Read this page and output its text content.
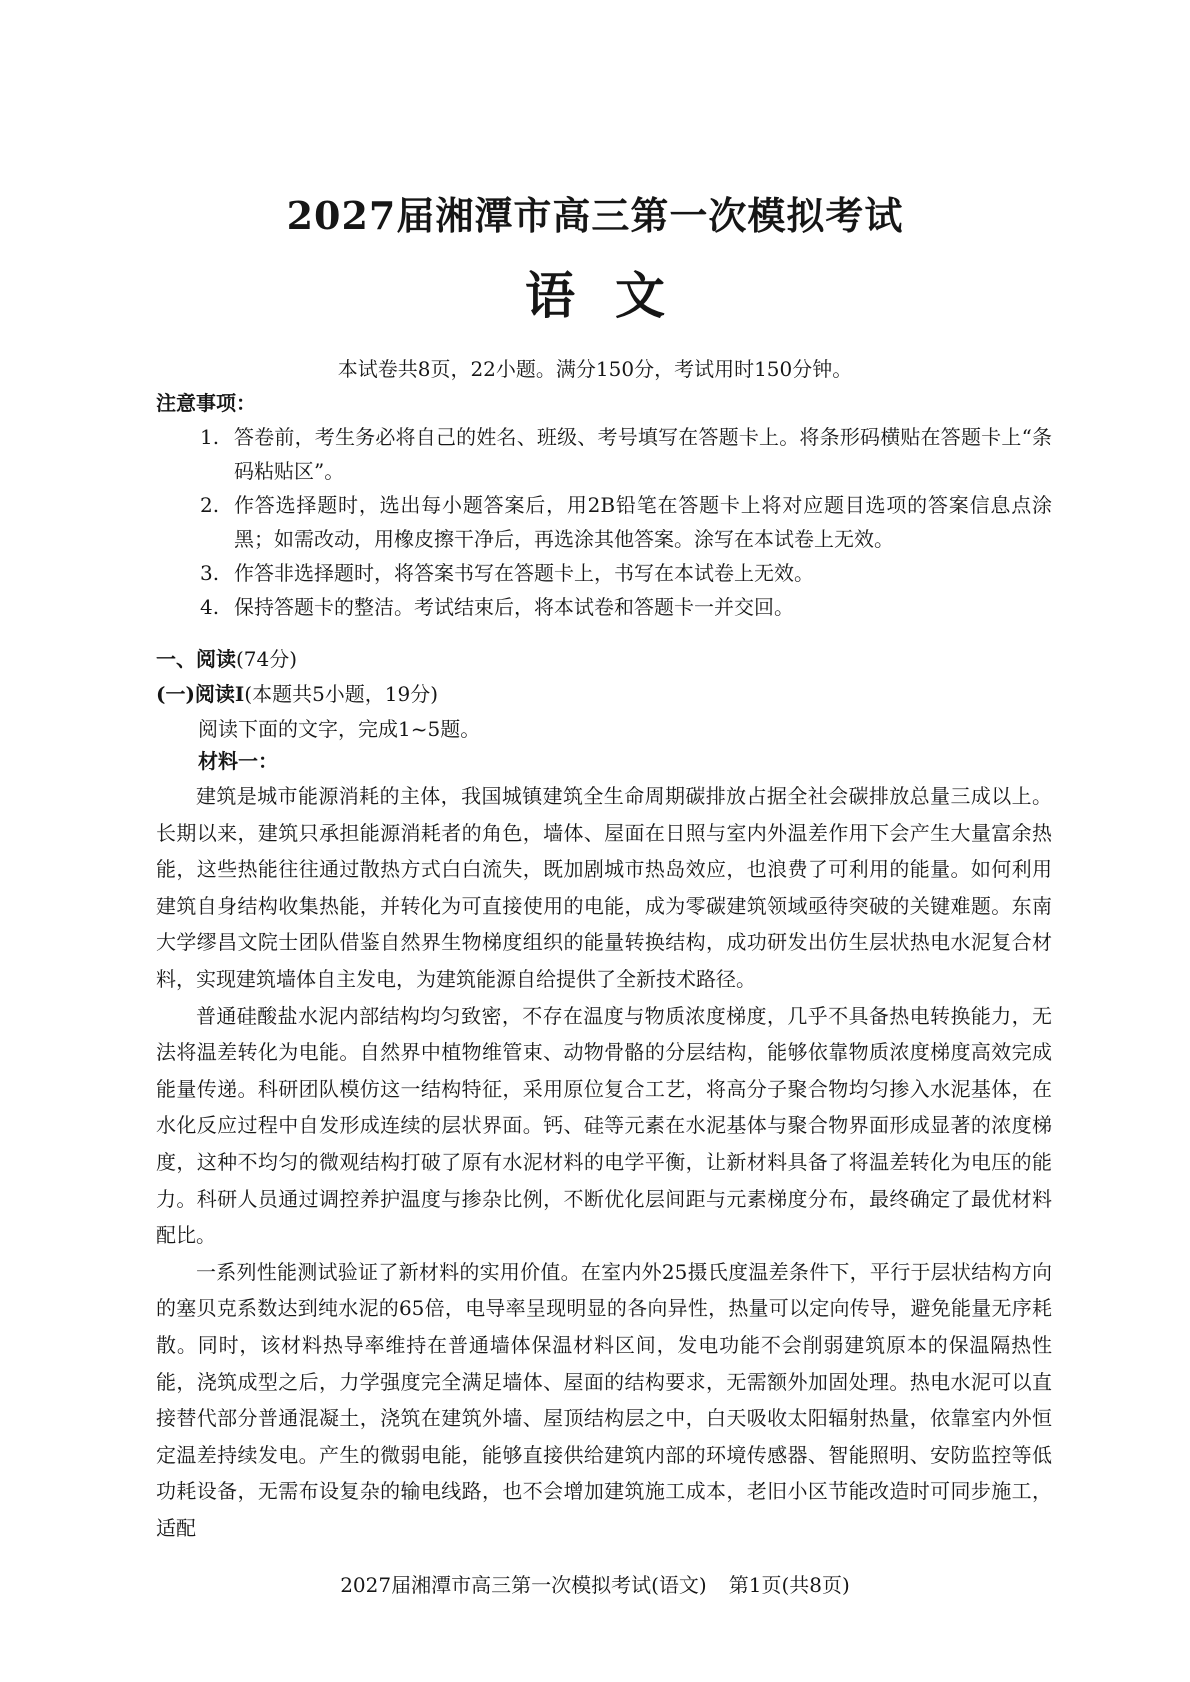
2027届湘潭市高三第一次模拟考试
语文
本试卷共8页，22小题。满分150分，考试用时150分钟。
注意事项：
1. 答卷前，考生务必将自己的姓名、班级、考号填写在答题卡上。将条形码横贴在答题卡上“条码粘贴区”。
2. 作答选择题时，选出每小题答案后，用2B铅笔在答题卡上将对应题目选项的答案信息点涂黑；如需改动，用橡皮擦干净后，再选涂其他答案。涂写在本试卷上无效。
3. 作答非选择题时，将答案书写在答题卡上，书写在本试卷上无效。
4. 保持答题卡的整洁。考试结束后，将本试卷和答题卡一并交回。
一、阅读(74分)
(一)阅读Ⅰ(本题共5小题，19分)
阅读下面的文字，完成1~5题。
材料一：

建筑是城市能源消耗的主体，我国城镇建筑全生命周期碳排放占据全社会碳排放总量三成以上。长期以来，建筑只承担能源消耗者的角色，墙体、屋面在日照与室内外温差作用下会产生大量富余热能，这些热能往往通过散热方式白白流失，既加剧城市热岛效应，也浪费了可利用的能量。如何利用建筑自身结构收集热能，并转化为可直接使用的电能，成为零碳建筑领域亟待突破的关键难题。东南大学缪昌文院士团队借鉴自然界生物梯度组织的能量转换结构，成功研发出仿生层状热电水泥复合材料，实现建筑墙体自主发电，为建筑能源自给提供了全新技术路径。

普通硅酸盐水泥内部结构均匀致密，不存在温度与物质浓度梯度，几乎不具备热电转换能力，无法将温差转化为电能。自然界中植物维管束、动物骨骼的分层结构，能够依靠物质浓度梯度高效完成能量传递。科研团队模仿这一结构特征，采用原位复合工艺，将高分子聚合物均匀掺入水泥基体，在水化反应过程中自发形成连续的层状界面。钙、硅等元素在水泥基体与聚合物界面形成显著的浓度梯度，这种不均匀的微观结构打破了原有水泥材料的电学平衡，让新材料具备了将温差转化为电压的能力。科研人员通过调控养护温度与掺杂比例，不断优化层间距与元素梯度分布，最终确定了最优材料配比。

一系列性能测试验证了新材料的实用价值。在室内外25摄氏度温差条件下，平行于层状结构方向的塞贝克系数达到纯水泥的65倍，电导率呈现明显的各向异性，热量可以定向传导，避免能量无序耗散。同时，该材料热导率维持在普通墙体保温材料区间，发电功能不会削弱建筑原本的保温隔热性能，浇筑成型之后，力学强度完全满足墙体、屋面的结构要求，无需额外加固处理。热电水泥可以直接替代部分普通混凝土，浇筑在建筑外墙、屋顶结构层之中，白天吸收太阳辐射热量，依靠室内外恒定温差持续发电。产生的微弱电能，能够直接供给建筑内部的环境传感器、智能照明、安防监控等低功耗设备，无需布设复杂的输电线路，也不会增加建筑施工成本，老旧小区节能改造时可同步施工，适配

2027届湘潭市高三第一次模拟考试(语文) 第1页(共8页)
